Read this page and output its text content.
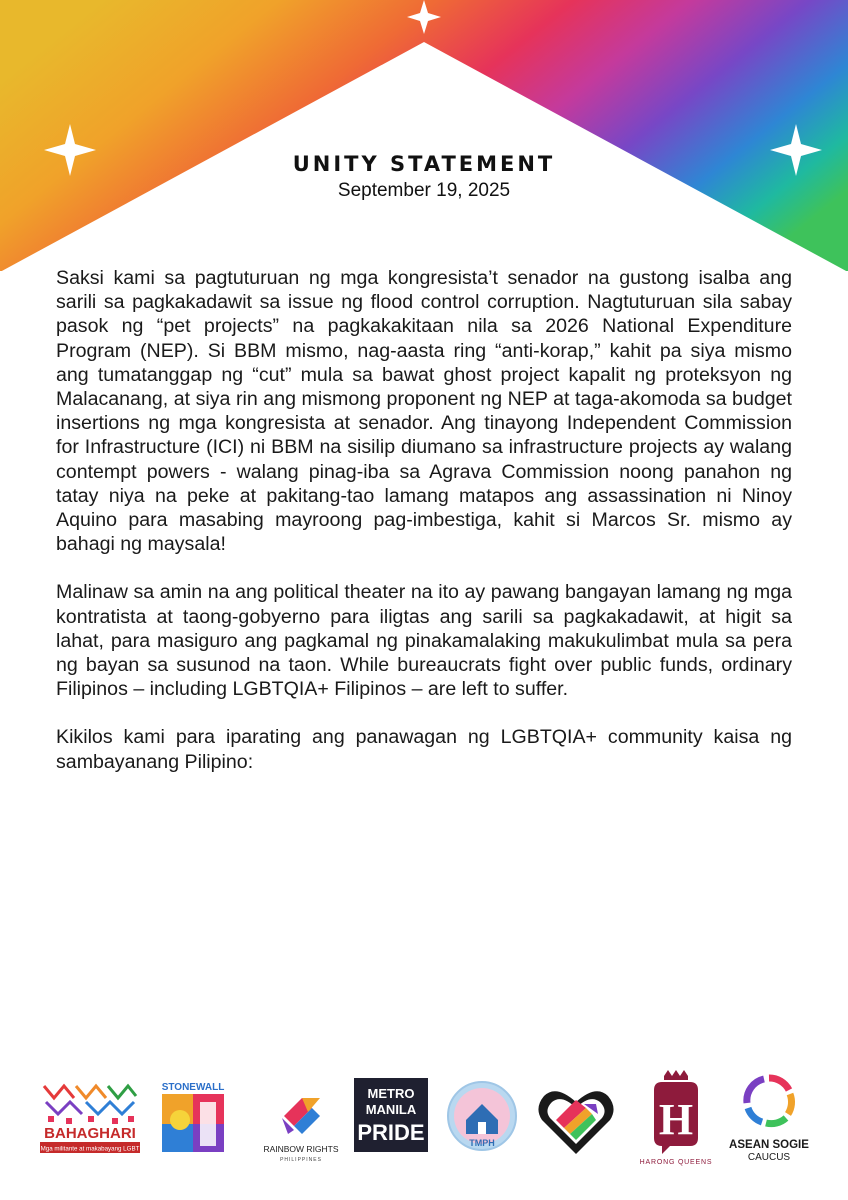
UNITY STATEMENT
September 19, 2025

Saksi kami sa pagtuturuan ng mga kongresista’t senador na gustong isalba ang sarili sa pagkakadawit sa issue ng flood control corruption. Nagtuturuan sila sabay pasok ng “pet projects” na pagkakakitaan nila sa 2026 National Expenditure Program (NEP). Si BBM mismo, nag-aasta ring “anti-korap,” kahit pa siya mismo ang tumatanggap ng “cut” mula sa bawat ghost project kapalit ng proteksyon ng Malacanang, at siya rin ang mismong proponent ng NEP at taga-akomoda sa budget insertions ng mga kongresista at senador. Ang tinayong Independent Commission for Infrastructure (ICI) ni BBM na sisilip diumano sa infrastructure projects ay walang contempt powers - walang pinag-iba sa Agrava Commission noong panahon ng tatay niya na peke at pakitang-tao lamang matapos ang assassination ni Ninoy Aquino para masabing mayroong pag-imbestiga, kahit si Marcos Sr. mismo ay bahagi ng maysala!

Malinaw sa amin na ang political theater na ito ay pawang bangayan lamang ng mga kontratista at taong-gobyerno para iligtas ang sarili sa pagkakadawit, at higit sa lahat, para masiguro ang pagkamal ng pinakamalaking makukulimbat mula sa pera ng bayan sa susunod na taon. While bureaucrats fight over public funds, ordinary Filipinos – including LGBTQIA+ Filipinos – are left to suffer.

Kikilos kami para iparating ang panawagan ng LGBTQIA+ community kaisa ng sambayanang Pilipino:

BAHAGHARI
Mga militante at makabayang LGBT
STONEWALL
RAINBOW RIGHTS
PHILIPPINES
METRO
MANILA
PRIDE	TMPH	H
HARONG QUEENS
ASEAN SOGIE
CAUCUS
